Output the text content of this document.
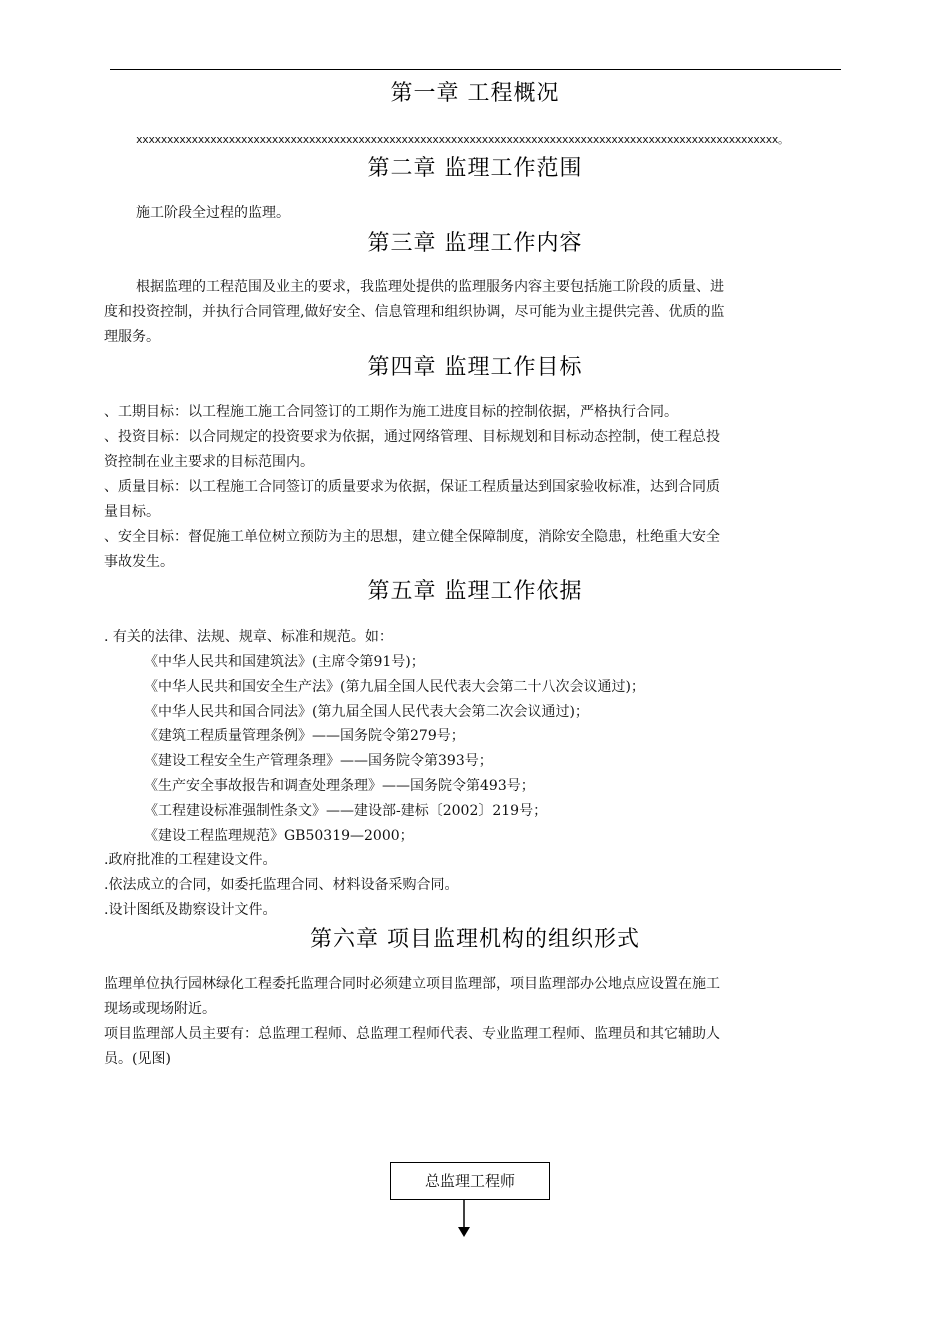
第一章 工程概况
xxxxxxxxxxxxxxxxxxxxxxxxxxxxxxxxxxxxxxxxxxxxxxxxxxxxxxxxxxxxxxxxxxxxxxxxxxxxxxxxxxxxxxxxxxxxxxxxxxxxxxxx。
第二章 监理工作范围
施工阶段全过程的监理。
第三章 监理工作内容
根据监理的工程范围及业主的要求，我监理处提供的监理服务内容主要包括施工阶段的质量、进
度和投资控制，并执行合同管理,做好安全、信息管理和组织协调，尽可能为业主提供完善、优质的监
理服务。
第四章 监理工作目标
、工期目标：以工程施工施工合同签订的工期作为施工进度目标的控制依据，严格执行合同。
、投资目标：以合同规定的投资要求为依据，通过网络管理、目标规划和目标动态控制，使工程总投
资控制在业主要求的目标范围内。
、质量目标：以工程施工合同签订的质量要求为依据，保证工程质量达到国家验收标准，达到合同质
量目标。
、安全目标：督促施工单位树立预防为主的思想，建立健全保障制度，消除安全隐患，杜绝重大安全
事故发生。
第五章 监理工作依据
. 有关的法律、法规、规章、标准和规范。如：
《中华人民共和国建筑法》(主席令第91号)；
《中华人民共和国安全生产法》(第九届全国人民代表大会第二十八次会议通过)；
《中华人民共和国合同法》(第九届全国人民代表大会第二次会议通过)；
《建筑工程质量管理条例》——国务院令第279号；
《建设工程安全生产管理条理》——国务院令第393号；
《生产安全事故报告和调查处理条理》——国务院令第493号；
《工程建设标准强制性条文》——建设部-建标〔2002〕219号；
《建设工程监理规范》GB50319—2000；
.政府批准的工程建设文件。
.依法成立的合同，如委托监理合同、材料设备采购合同。
.设计图纸及勘察设计文件。
第六章 项目监理机构的组织形式
监理单位执行园林绿化工程委托监理合同时必须建立项目监理部，项目监理部办公地点应设置在施工
现场或现场附近。
项目监理部人员主要有：总监理工程师、总监理工程师代表、专业监理工程师、监理员和其它辅助人
员。(见图)
总监理工程师
